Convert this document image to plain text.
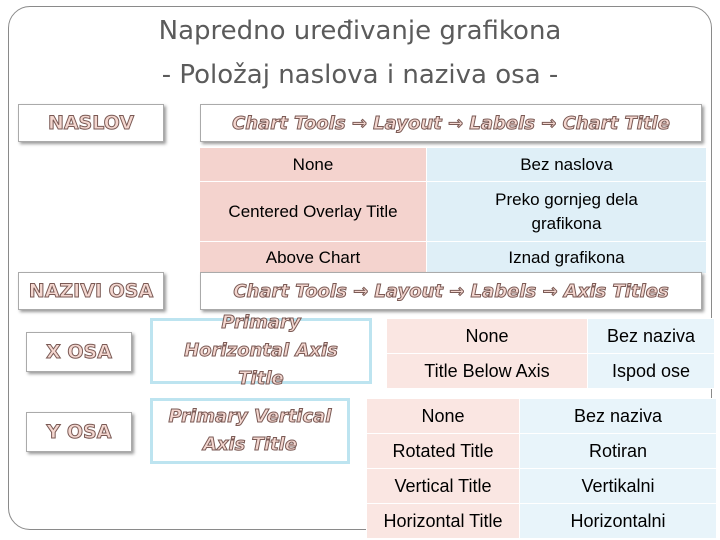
Napredno uređivanje grafikona
- Položaj naslova i naziva osa -
NASLOV	Chart Tools → Layout → Labels → Chart Title
None	Bez naslova
Centered Overlay Title	Preko gornjeg dela grafikona
Above Chart	Iznad grafikona
NAZIVI OSA	Chart Tools → Layout → Labels → Axis Titles
X OSA
Primary Horizontal Axis Title
None	Bez naziva
Title Below Axis	Ispod ose
Y OSA
Primary Vertical Axis Title
None	Bez naziva
Rotated Title	Rotiran
Vertical Title	Vertikalni
Horizontal Title	Horizontalni
